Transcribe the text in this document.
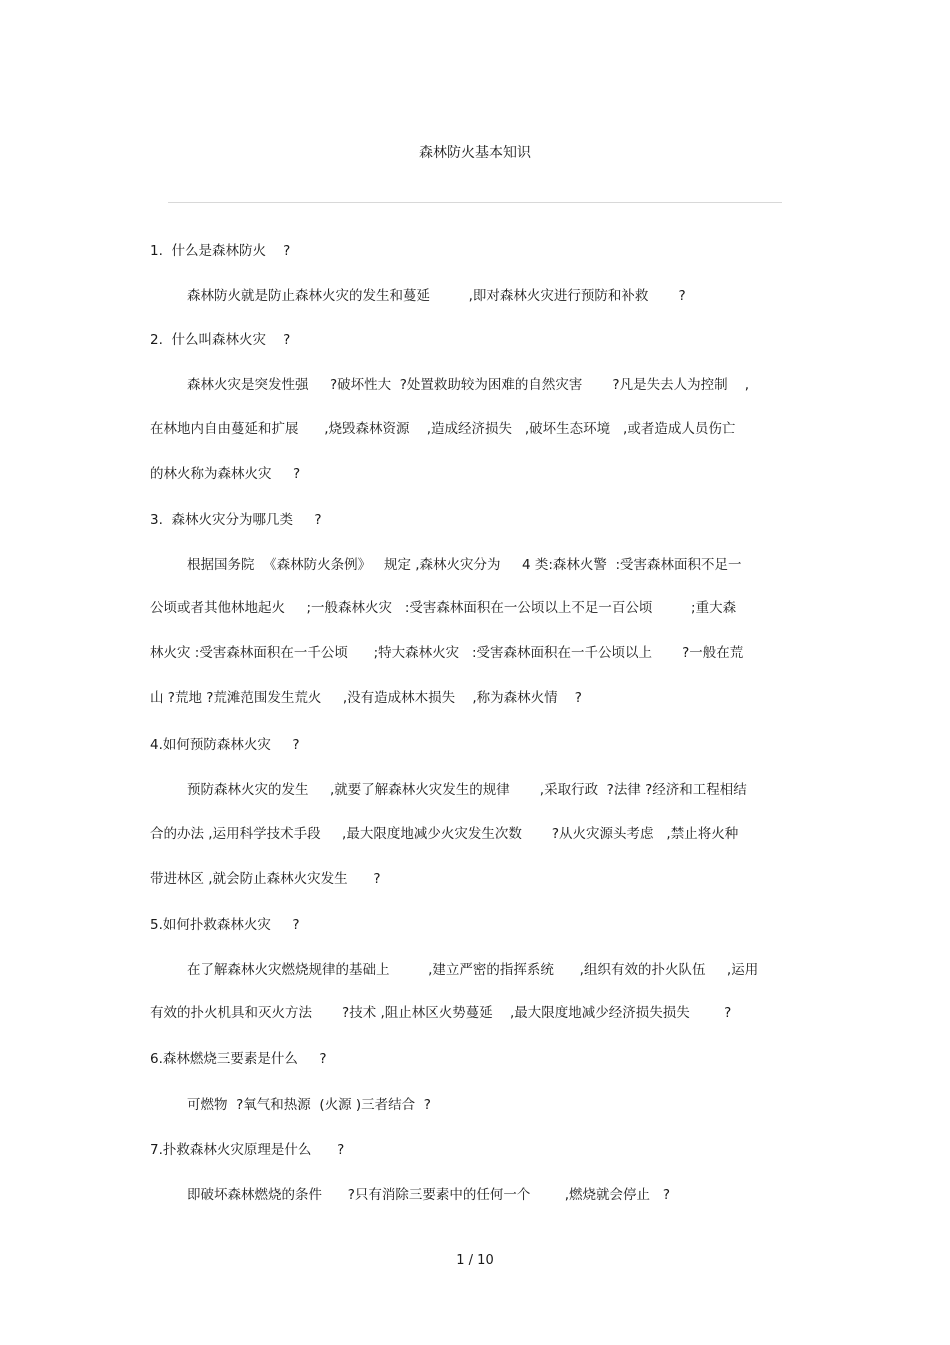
森林防火基本知识
1.  什么是森林防火    ?
森林防火就是防止森林火灾的发生和蔓延         ,即对森林火灾进行预防和补救       ?
2.  什么叫森林火灾    ?
森林火灾是突发性强     ?破坏性大  ?处置救助较为困难的自然灾害       ?凡是失去人为控制    ,
在林地内自由蔓延和扩展      ,烧毁森林资源    ,造成经济损失   ,破坏生态环境   ,或者造成人员伤亡
的林火称为森林火灾     ?
3.  森林火灾分为哪几类     ?
根据国务院  《森林防火条例》   规定 ,森林火灾分为     4 类:森林火警  :受害森林面积不足一
公顷或者其他林地起火     ;一般森林火灾   :受害森林面积在一公顷以上不足一百公顷         ;重大森
林火灾 :受害森林面积在一千公顷      ;特大森林火灾   :受害森林面积在一千公顷以上       ?一般在荒
山 ?荒地 ?荒滩范围发生荒火     ,没有造成林木损失    ,称为森林火情    ?
4.如何预防森林火灾     ?
预防森林火灾的发生     ,就要了解森林火灾发生的规律       ,采取行政  ?法律 ?经济和工程相结
合的办法 ,运用科学技术手段     ,最大限度地减少火灾发生次数       ?从火灾源头考虑   ,禁止将火种
带进林区 ,就会防止森林火灾发生      ?
5.如何扑救森林火灾     ?
在了解森林火灾燃烧规律的基础上         ,建立严密的指挥系统      ,组织有效的扑火队伍     ,运用
有效的扑火机具和灭火方法       ?技术 ,阻止林区火势蔓延    ,最大限度地减少经济损失损失        ?
6.森林燃烧三要素是什么     ?
可燃物  ?氧气和热源  (火源 )三者结合  ?
7.扑救森林火灾原理是什么      ?
即破坏森林燃烧的条件      ?只有消除三要素中的任何一个        ,燃烧就会停止   ?
1 / 10
